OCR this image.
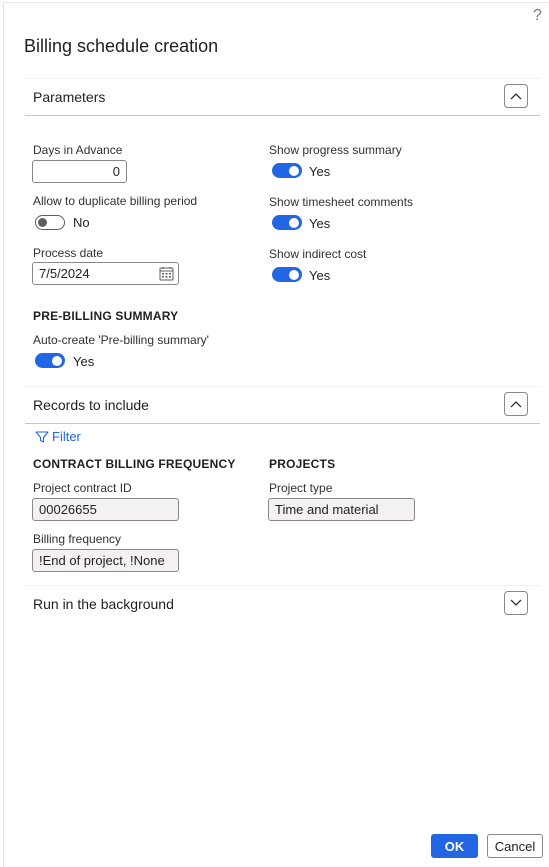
?
Billing schedule creation
Parameters
Days in Advance
0
Allow to duplicate billing period
No
Process date
7/5/2024
Show progress summary
Yes
Show timesheet comments
Yes
Show indirect cost
Yes
PRE-BILLING SUMMARY
Auto-create 'Pre-billing summary'
Yes
Records to include
Filter
CONTRACT BILLING FREQUENCY
Project contract ID
00026655
Billing frequency
!End of project, !None
PROJECTS
Project type
Time and material
Run in the background
OK	Cancel
